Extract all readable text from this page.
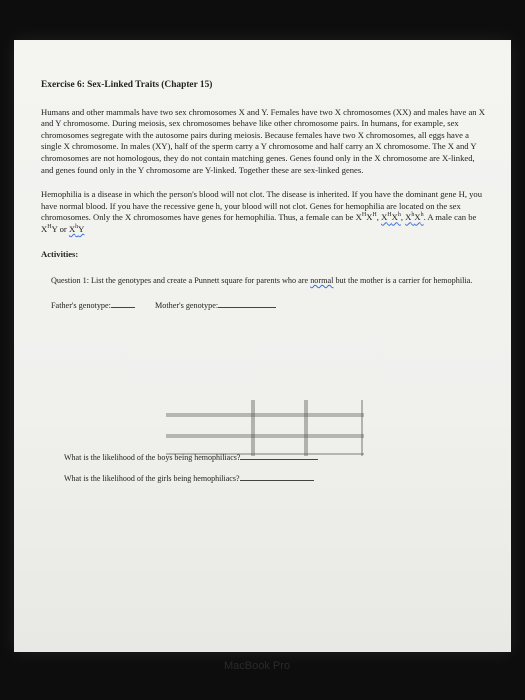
Exercise 6: Sex-Linked Traits (Chapter 15)

Humans and other mammals have two sex chromosomes X and Y. Females have two X chromosomes (XX) and males have an X and Y chromosome. During meiosis, sex chromosomes behave like other chromosome pairs. In humans, for example, sex chromosomes segregate with the autosome pairs during meiosis. Because females have two X chromosomes, all eggs have a single X chromosome. In males (XY), half of the sperm carry a Y chromosome and half carry an X chromosome. The X and Y chromosomes are not homologous, they do not contain matching genes. Genes found only in the X chromosome are X-linked, and genes found only in the Y chromosome are Y-linked. Together these are sex-linked genes.

Hemophilia is a disease in which the person's blood will not clot. The disease is inherited. If you have the dominant gene H, you have normal blood. If you have the recessive gene h, your blood will not clot. Genes for hemophilia are located on the sex chromosomes. Only the X chromosomes have genes for hemophilia. Thus, a female can be $X^HX^H$, $X^HX^h$, $X^hX^h$. A male can be $X^HY$ or $X^hY$

Activities:

Question 1: List the genotypes and create a Punnett square for parents who are normal but the mother is a carrier for hemophilia.

Father's genotype:	Mother's genotype:
What is the likelihood of the boys being hemophiliacs?
What is the likelihood of the girls being hemophiliacs?
MacBook Pro
